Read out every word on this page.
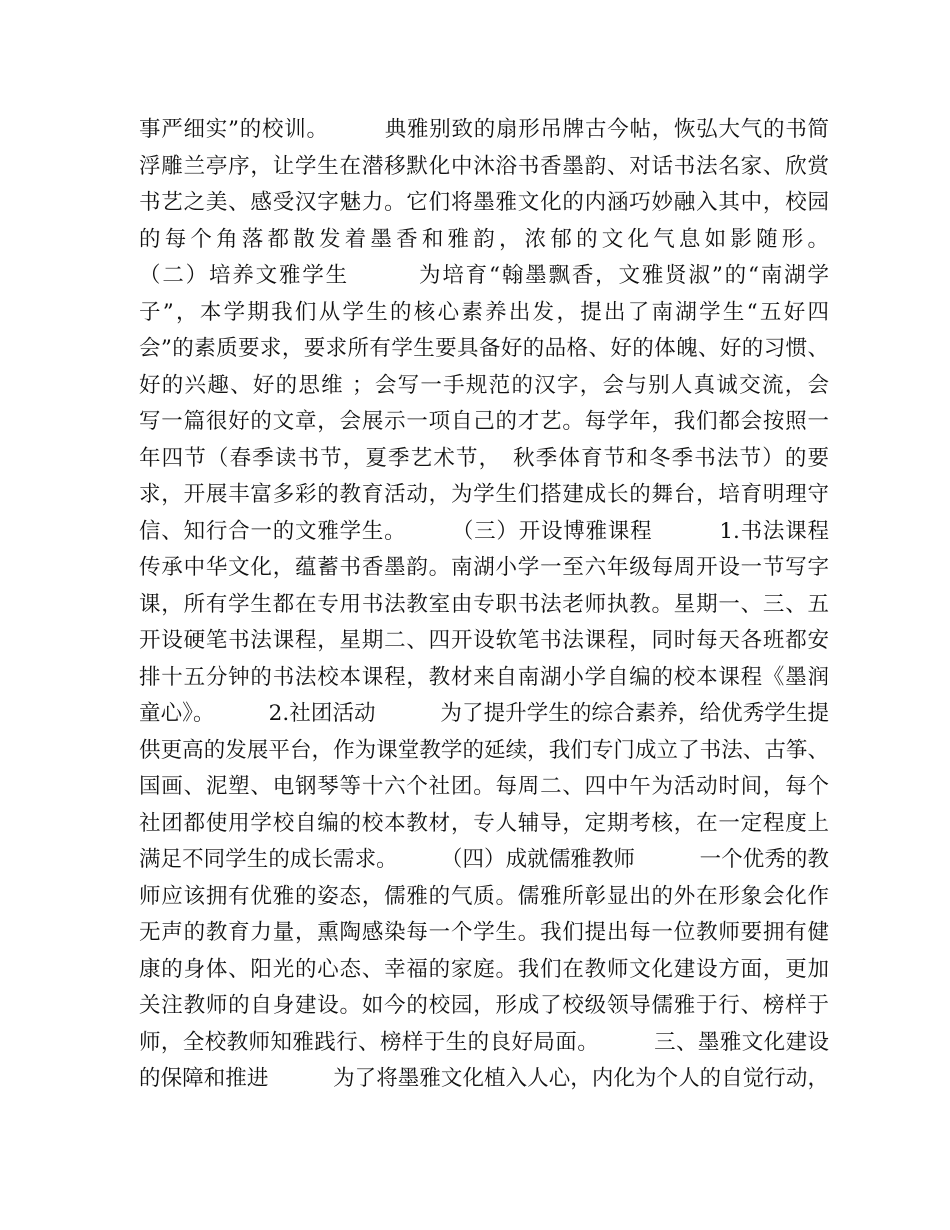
事严细实”的校训。　　　典雅别致的扇形吊牌古今帖，恢弘大气的书简
浮雕兰亭序，让学生在潜移默化中沐浴书香墨韵、对话书法名家、欣赏
书艺之美、感受汉字魅力。它们将墨雅文化的内涵巧妙融入其中，校园
的每个角落都散发着墨香和雅韵，浓郁的文化气息如影随形。
（二）培养文雅学生　　　为培育“翰墨飘香，文雅贤淑”的“南湖学
子”，本学期我们从学生的核心素养出发，提出了南湖学生“五好四
会”的素质要求，要求所有学生要具备好的品格、好的体魄、好的习惯、
好的兴趣、好的思维 ；会写一手规范的汉字，会与别人真诚交流，会
写一篇很好的文章，会展示一项自己的才艺。每学年，我们都会按照一
年四节（春季读书节，夏季艺术节，　秋季体育节和冬季书法节）的要
求，开展丰富多彩的教育活动，为学生们搭建成长的舞台，培育明理守
信、知行合一的文雅学生。　　　（三）开设博雅课程　　　1.书法课程
传承中华文化，蕴蓄书香墨韵。南湖小学一至六年级每周开设一节写字
课，所有学生都在专用书法教室由专职书法老师执教。星期一、三、五
开设硬笔书法课程，星期二、四开设软笔书法课程，同时每天各班都安
排十五分钟的书法校本课程，教材来自南湖小学自编的校本课程《墨润
童心》。　　　2.社团活动　　　为了提升学生的综合素养，给优秀学生提
供更高的发展平台，作为课堂教学的延续，我们专门成立了书法、古筝、
国画、泥塑、电钢琴等十六个社团。每周二、四中午为活动时间，每个
社团都使用学校自编的校本教材，专人辅导，定期考核，在一定程度上
满足不同学生的成长需求。　　　（四）成就儒雅教师　　　一个优秀的教
师应该拥有优雅的姿态，儒雅的气质。儒雅所彰显出的外在形象会化作
无声的教育力量，熏陶感染每一个学生。我们提出每一位教师要拥有健
康的身体、阳光的心态、幸福的家庭。我们在教师文化建设方面，更加
关注教师的自身建设。如今的校园，形成了校级领导儒雅于行、榜样于
师，全校教师知雅践行、榜样于生的良好局面。　　　三、墨雅文化建设
的保障和推进　　　为了将墨雅文化植入人心，内化为个人的自觉行动，
